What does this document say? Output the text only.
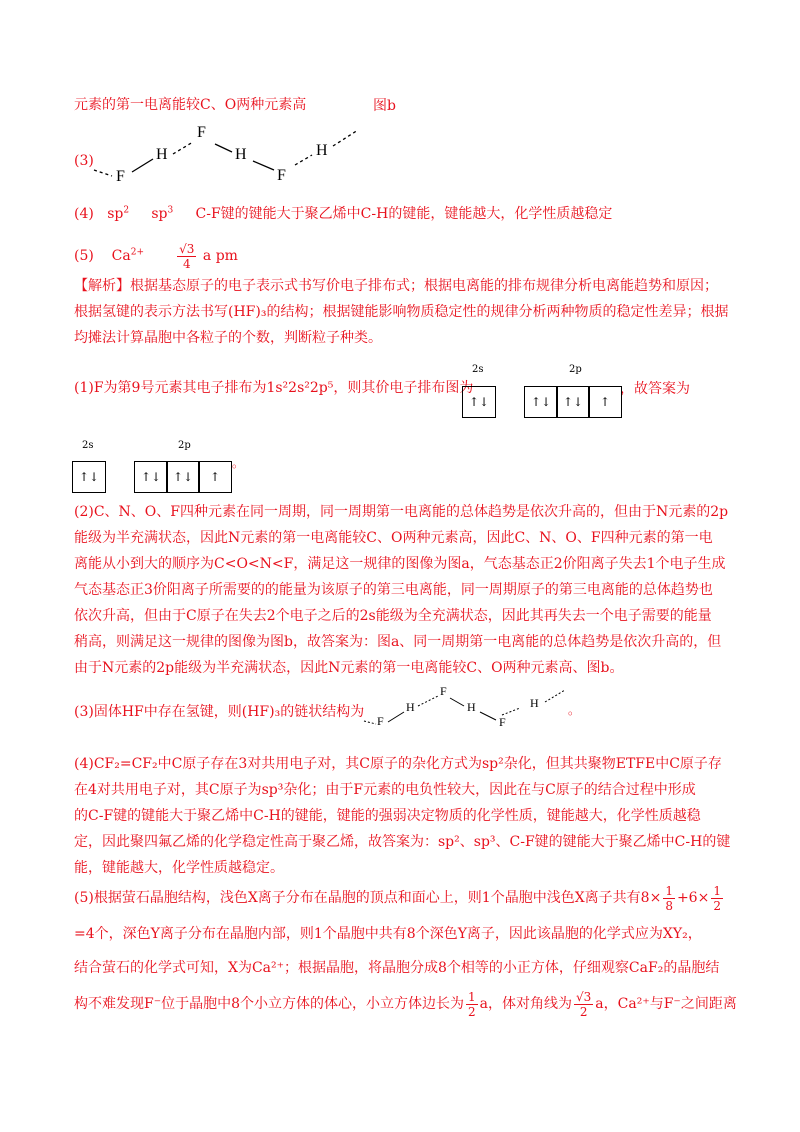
元素的第一电离能较C、O两种元素高	图b
(3)
F
H
F
H
F
H
(4) $sp^2$ $sp^3$ C-F键的键能大于聚乙烯中C-H的键能，键能越大，化学性质越稳定
(5) $Ca^{2+}$	$\frac{√3}{4}$ a pm
【解析】根据基态原子的电子表示式书写价电子排布式；根据电离能的排布规律分析电离能趋势和原因；
根据氢键的表示方法书写(HF)₃的结构；根据键能影响物质稳定性的规律分析两种物质的稳定性差异；根据
均摊法计算晶胞中各粒子的个数，判断粒子种类。
(1)F为第9号元素其电子排布为1s²2s²2p⁵，则其价电子排布图为	，故答案为
2s	2p
↑↓	↑↓ ↑↓	↑
2s	2p
↑↓	↑↓ ↑↓	↑
。
(2)C、N、O、F四种元素在同一周期，同一周期第一电离能的总体趋势是依次升高的，但由于N元素的2p
能级为半充满状态，因此N元素的第一电离能较C、O两种元素高，因此C、N、O、F四种元素的第一电
离能从小到大的顺序为C<O<N<F，满足这一规律的图像为图a，气态基态正2价阳离子失去1个电子生成
气态基态正3价阳离子所需要的的能量为该原子的第三电离能，同一周期原子的第三电离能的总体趋势也
依次升高，但由于C原子在失去2个电子之后的2s能级为全充满状态，因此其再失去一个电子需要的能量
稍高，则满足这一规律的图像为图b，故答案为：图a、同一周期第一电离能的总体趋势是依次升高的，但
由于N元素的2p能级为半充满状态，因此N元素的第一电离能较C、O两种元素高、图b。
(3)固体HF中存在氢键，则(HF)₃的链状结构为
F
H
F
H
F
H 。
(4)CF₂=CF₂中C原子存在3对共用电子对，其C原子的杂化方式为sp²杂化，但其共聚物ETFE中C原子存
在4对共用电子对，其C原子为sp³杂化；由于F元素的电负性较大，因此在与C原子的结合过程中形成
的C-F键的键能大于聚乙烯中C-H的键能，键能的强弱决定物质的化学性质，键能越大，化学性质越稳
定，因此聚四氟乙烯的化学稳定性高于聚乙烯，故答案为：sp²、sp³、C-F键的键能大于聚乙烯中C-H的键
能，键能越大，化学性质越稳定。
(5)根据萤石晶胞结构，浅色X离子分布在晶胞的顶点和面心上，则1个晶胞中浅色X离子共有$8\times \frac{1}{8} +6\times \frac{1}{2}$
=4个，深色Y离子分布在晶胞内部，则1个晶胞中共有8个深色Y离子，因此该晶胞的化学式应为XY₂，
结合萤石的化学式可知，X为Ca²⁺；根据晶胞，将晶胞分成8个相等的小正方体，仔细观察CaF₂的晶胞结
构不难发现F⁻位于晶胞中8个小立方体的体心，小立方体边长为 $\frac{1}{2}$ a，体对角线为 $\frac{√3}{2}$ a，Ca²⁺与F⁻之间距离
